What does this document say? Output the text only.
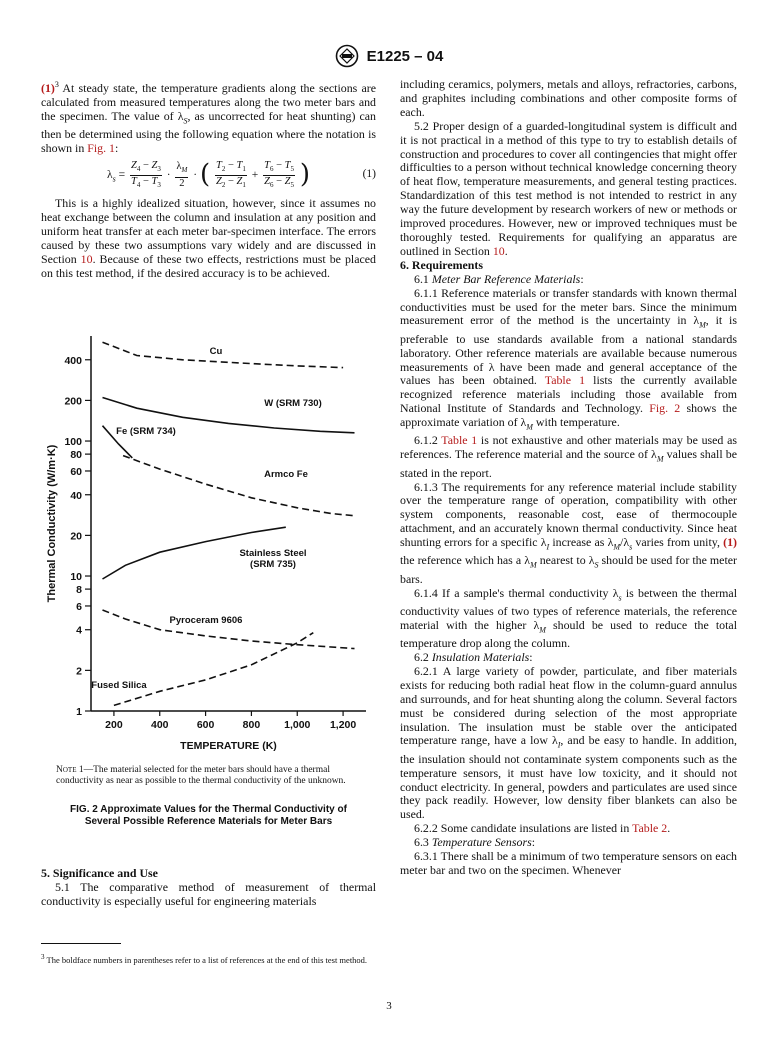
E1225 – 04

$(1)^3$ At steady state, the temperature gradients along the sections are calculated from measured temperatures along the two meter bars and the specimen. The value of $\lambda_S$, as uncorrected for heat shunting) can then be determined using the following equation where the notation is shown in Fig. 1:

$\lambda_s = \frac{Z_4 - Z_3}{T_4 - T_3} \cdot \frac{\lambda_M}{2}$ · ( $\frac{T_2 - T_1}{Z_2 - Z_1} + \frac{T_6 - T_5}{Z_6 - Z_5}$ )	(1)

This is a highly idealized situation, however, since it assumes no heat exchange between the column and insulation at any position and uniform heat transfer at each meter bar-specimen interface. The errors caused by these two assumptions vary widely and are discussed in Section 10. Because of these two effects, restrictions must be placed on this test method, if the desired accuracy is to be achieved.

1
2
4
6
8
10
20
40
60
80
100
200
400
200	400	600	800 1,000 1,200
TEMPERATURE (K)
Thermal Conductivity (W/m·K)
Cu
W (SRM 730)
Fe (SRM 734)
Armco Fe
Stainless Steel
(SRM 735)
Pyroceram 9606
Fused Silica
Note 1—The material selected for the meter bars should have a thermal conductivity as near as possible to the thermal conductivity of the unknown.
FIG. 2 Approximate Values for the Thermal Conductivity of
Several Possible Reference Materials for Meter Bars

5. Significance and Use

5.1 The comparative method of measurement of thermal conductivity is especially useful for engineering materials

$^3$ The boldface numbers in parentheses refer to a list of references at the end of this test method.

including ceramics, polymers, metals and alloys, refractories, carbons, and graphites including combinations and other composite forms of each.

5.2 Proper design of a guarded-longitudinal system is difficult and it is not practical in a method of this type to try to establish details of construction and procedures to cover all contingencies that might offer difficulties to a person without technical knowledge concerning theory of heat flow, temperature measurements, and general testing practices. Standardization of this test method is not intended to restrict in any way the future development by research workers of new or methods or improved procedures. However, new or improved techniques must be thoroughly tested. Requirements for qualifying an apparatus are outlined in Section 10.

6. Requirements

6.1 Meter Bar Reference Materials:

6.1.1 Reference materials or transfer standards with known thermal conductivities must be used for the meter bars. Since the minimum measurement error of the method is the uncertainty in $\lambda_M$, it is preferable to use standards available from a national standards laboratory. Other reference materials are available because numerous measurements of λ have been made and general acceptance of the values has been obtained. Table 1 lists the currently available recognized reference materials including those available from National Institute of Standards and Technology. Fig. 2 shows the approximate variation of $\lambda_M$ with temperature.

6.1.2 Table 1 is not exhaustive and other materials may be used as references. The reference material and the source of $\lambda_M$ values shall be stated in the report.

6.1.3 The requirements for any reference material include stability over the temperature range of operation, compatibility with other system components, reasonable cost, ease of thermocouple attachment, and an accurately known thermal conductivity. Since heat shunting errors for a specific $\lambda_I$ increase as $\lambda_M/\lambda_s$ varies from unity, (1) the reference which has a $\lambda_M$ nearest to $\lambda_S$ should be used for the meter bars.

6.1.4 If a sample's thermal conductivity $\lambda_s$ is between the thermal conductivity values of two types of reference materials, the reference material with the higher $\lambda_M$ should be used to reduce the total temperature drop along the column.

6.2 Insulation Materials:

6.2.1 A large variety of powder, particulate, and fiber materials exists for reducing both radial heat flow in the column-guard annulus and surrounds, and for heat shunting along the column. Several factors must be considered during selection of the most appropriate insulation. The insulation must be stable over the anticipated temperature range, have a low $\lambda_I$, and be easy to handle. In addition, the insulation should not contaminate system components such as the temperature sensors, it must have low toxicity, and it should not conduct electricity. In general, powders and particulates are used since they pack readily. However, low density fiber blankets can also be used.

6.2.2 Some candidate insulations are listed in Table 2.

6.3 Temperature Sensors:

6.3.1 There shall be a minimum of two temperature sensors on each meter bar and two on the specimen. Whenever

3
